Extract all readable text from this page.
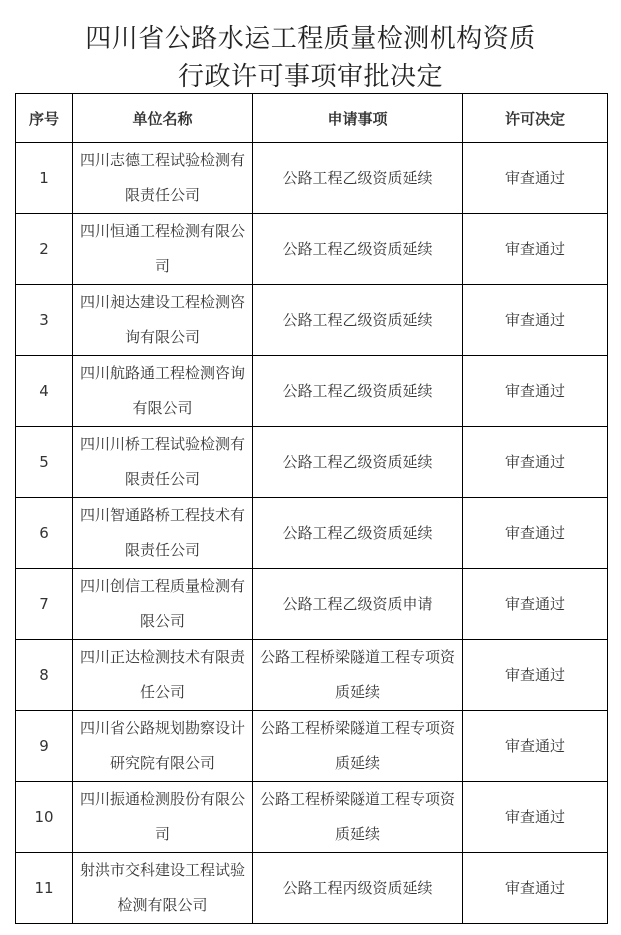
四川省公路水运工程质量检测机构资质
行政许可事项审批决定
序号	单位名称	申请事项	许可决定
1	四川志德工程试验检测有限责任公司	公路工程乙级资质延续	审查通过
2	四川恒通工程检测有限公司	公路工程乙级资质延续	审查通过
3	四川昶达建设工程检测咨询有限公司	公路工程乙级资质延续	审查通过
4	四川航路通工程检测咨询有限公司	公路工程乙级资质延续	审查通过
5	四川川桥工程试验检测有限责任公司	公路工程乙级资质延续	审查通过
6	四川智通路桥工程技术有限责任公司	公路工程乙级资质延续	审查通过
7	四川创信工程质量检测有限公司	公路工程乙级资质申请	审查通过
8	四川正达检测技术有限责任公司	公路工程桥梁隧道工程专项资质延续	审查通过
9	四川省公路规划勘察设计研究院有限公司	公路工程桥梁隧道工程专项资质延续	审查通过
10	四川振通检测股份有限公司	公路工程桥梁隧道工程专项资质延续	审查通过
11	射洪市交科建设工程试验检测有限公司	公路工程丙级资质延续	审查通过
